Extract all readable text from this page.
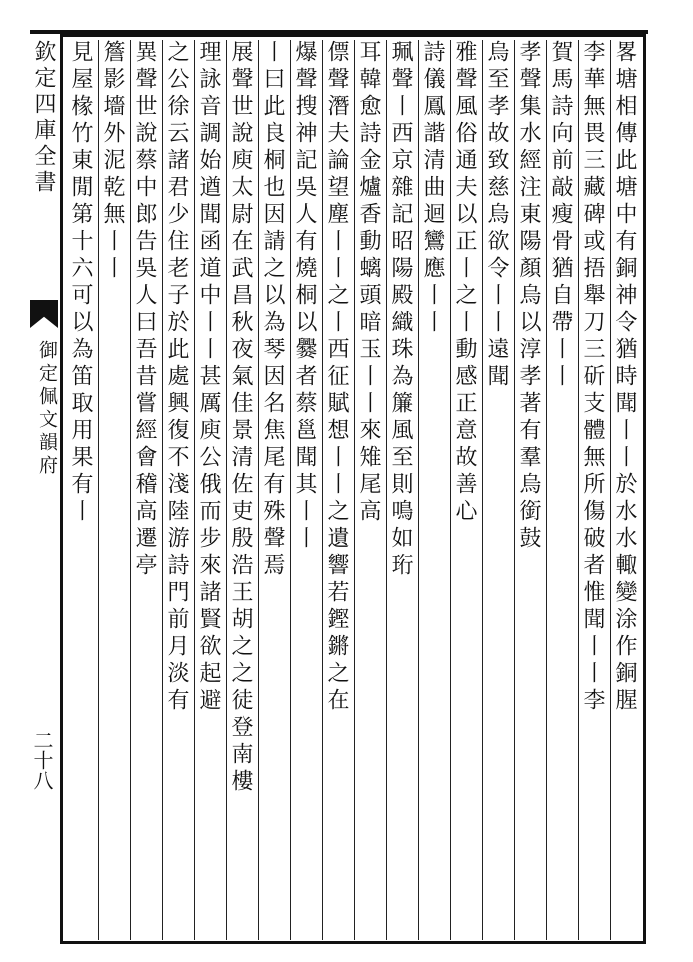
欽定四庫全書
御定佩文韻府
二十八
畧塘相傳此塘中有銅神令猶時聞丨丨於水水輙變涂作銅腥
李華無畏三藏碑或捂舉刀三斫支體無所傷破者惟聞丨丨李
賀馬詩向前敲瘦骨猶自帶丨丨
孝聲集水經注東陽顏烏以淳孝著有羣烏銜鼓
烏至孝故致慈烏欲令丨丨遠聞
雅聲風俗通夫以正丨之丨動感正意故善心
詩儀鳳諧清曲迴鸞應丨丨
珮聲丨西京雜記昭陽殿織珠為簾風至則鳴如珩
耳韓愈詩金爐香動螭頭暗玉丨丨來雉尾高
僄聲潛夫論望塵丨丨之丨西征賦想丨丨之遺響若鏗鏘之在
爆聲搜神記吳人有燒桐以爨者蔡邕聞其丨丨
丨曰此良桐也因請之以為琴因名焦尾有殊聲焉
展聲世說庾太尉在武昌秋夜氣佳景清佐吏殷浩王胡之之徒登南樓
理詠音調始遒聞函道中丨丨甚厲庾公俄而步來諸賢欲起避
之公徐云諸君少住老子於此處興復不淺陸游詩門前月淡有
異聲世說蔡中郎告吳人曰吾昔嘗經會稽高遷亭
簷影墻外泥乾無丨丨
見屋椽竹東閒第十六可以為笛取用果有丨
